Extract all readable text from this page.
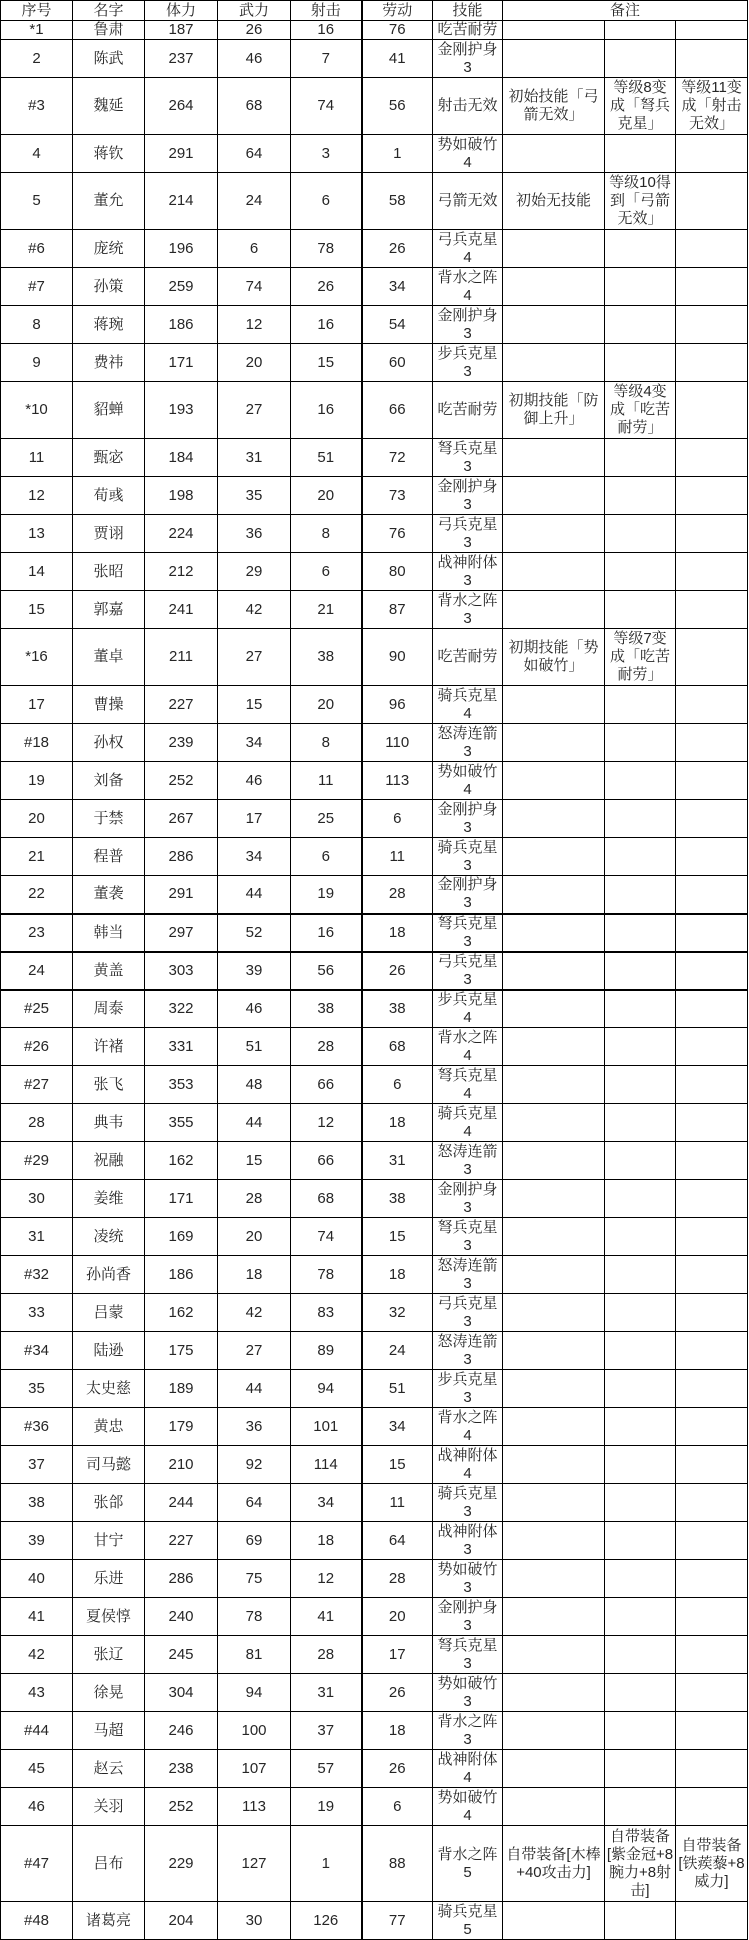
序号	名字	体力	武力	射击	劳动	技能	备注		
*1	鲁肃	187	26	16	76	吃苦耐劳			
2	陈武	237	46	7	41	金刚护身3			
#3	魏延	264	68	74	56	射击无效	初始技能「弓箭无效」	等级8变成「弩兵克星」	等级11变成「射击无效」
4	蒋钦	291	64	3	1	势如破竹4			
5	董允	214	24	6	58	弓箭无效	初始无技能	等级10得到「弓箭无效」	
#6	庞统	196	6	78	26	弓兵克星4			
#7	孙策	259	74	26	34	背水之阵4			
8	蒋琬	186	12	16	54	金刚护身3			
9	费祎	171	20	15	60	步兵克星3			
*10	貂蝉	193	27	16	66	吃苦耐劳	初期技能「防御上升」	等级4变成「吃苦耐劳」	
11	甄宓	184	31	51	72	弩兵克星3			
12	荀彧	198	35	20	73	金刚护身3			
13	贾诩	224	36	8	76	弓兵克星3			
14	张昭	212	29	6	80	战神附体3			
15	郭嘉	241	42	21	87	背水之阵3			
*16	董卓	211	27	38	90	吃苦耐劳	初期技能「势如破竹」	等级7变成「吃苦耐劳」	
17	曹操	227	15	20	96	骑兵克星4			
#18	孙权	239	34	8	110	怒涛连箭3			
19	刘备	252	46	11	113	势如破竹4			
20	于禁	267	17	25	6	金刚护身3			
21	程普	286	34	6	11	骑兵克星3			
22	董袭	291	44	19	28	金刚护身3			
23	韩当	297	52	16	18	弩兵克星3			
24	黄盖	303	39	56	26	弓兵克星3			
#25	周泰	322	46	38	38	步兵克星4			
#26	许褚	331	51	28	68	背水之阵4			
#27	张飞	353	48	66	6	弩兵克星4			
28	典韦	355	44	12	18	骑兵克星4			
#29	祝融	162	15	66	31	怒涛连箭3			
30	姜维	171	28	68	38	金刚护身3			
31	凌统	169	20	74	15	弩兵克星3			
#32	孙尚香	186	18	78	18	怒涛连箭3			
33	吕蒙	162	42	83	32	弓兵克星3			
#34	陆逊	175	27	89	24	怒涛连箭3			
35	太史慈	189	44	94	51	步兵克星3			
#36	黄忠	179	36	101	34	背水之阵4			
37	司马懿	210	92	114	15	战神附体4			
38	张郃	244	64	34	11	骑兵克星3			
39	甘宁	227	69	18	64	战神附体3			
40	乐进	286	75	12	28	势如破竹3			
41	夏侯惇	240	78	41	20	金刚护身3			
42	张辽	245	81	28	17	弩兵克星3			
43	徐晃	304	94	31	26	势如破竹3			
#44	马超	246	100	37	18	背水之阵3			
45	赵云	238	107	57	26	战神附体4			
46	关羽	252	113	19	6	势如破竹4			
#47	吕布	229	127	1	88	背水之阵5	自带装备[木棒+40攻击力]	自带装备[紫金冠+8腕力+8射击]	自带装备[铁蒺藜+8威力]
#48	诸葛亮	204	30	126	77	骑兵克星5			
